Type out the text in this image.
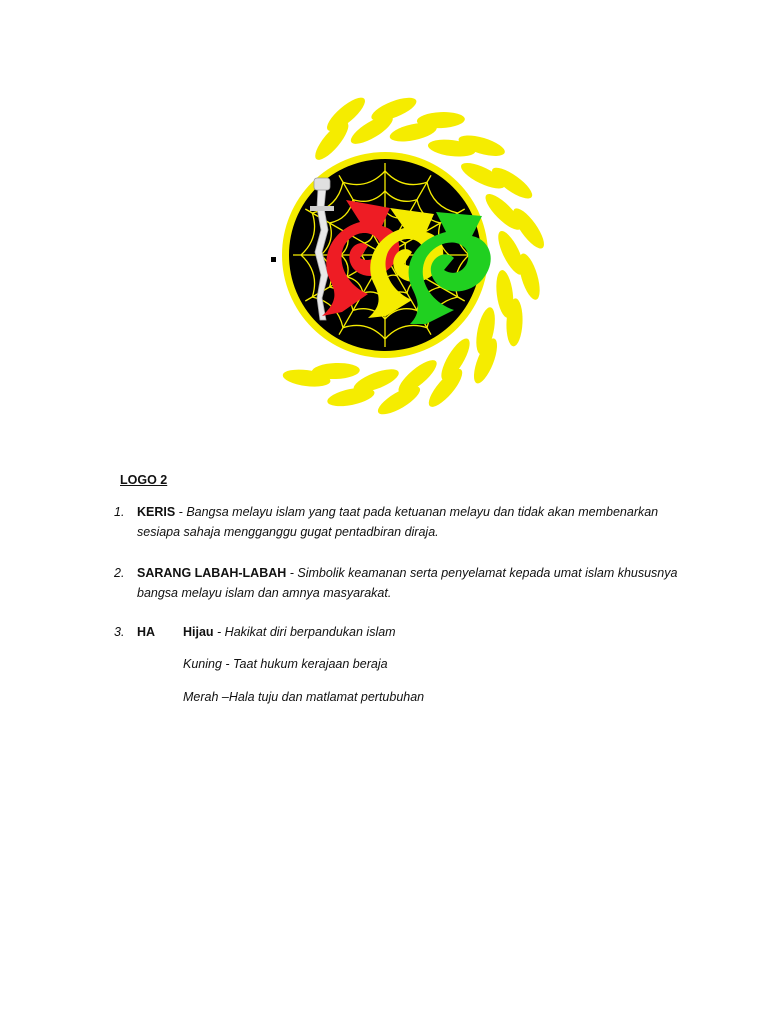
LOGO 2
1. KERIS - Bangsa melayu islam yang taat pada ketuanan melayu dan tidak akan membenarkan sesiapa sahaja mengganggu gugat pentadbiran diraja.
2. SARANG LABAH-LABAH - Simbolik keamanan serta penyelamat kepada umat islam khususnya bangsa melayu islam dan amnya masyarakat.
3. HA Hijau - Hakikat diri berpandukan islam
Kuning - Taat hukum kerajaan beraja
Merah –Hala tuju dan matlamat pertubuhan
